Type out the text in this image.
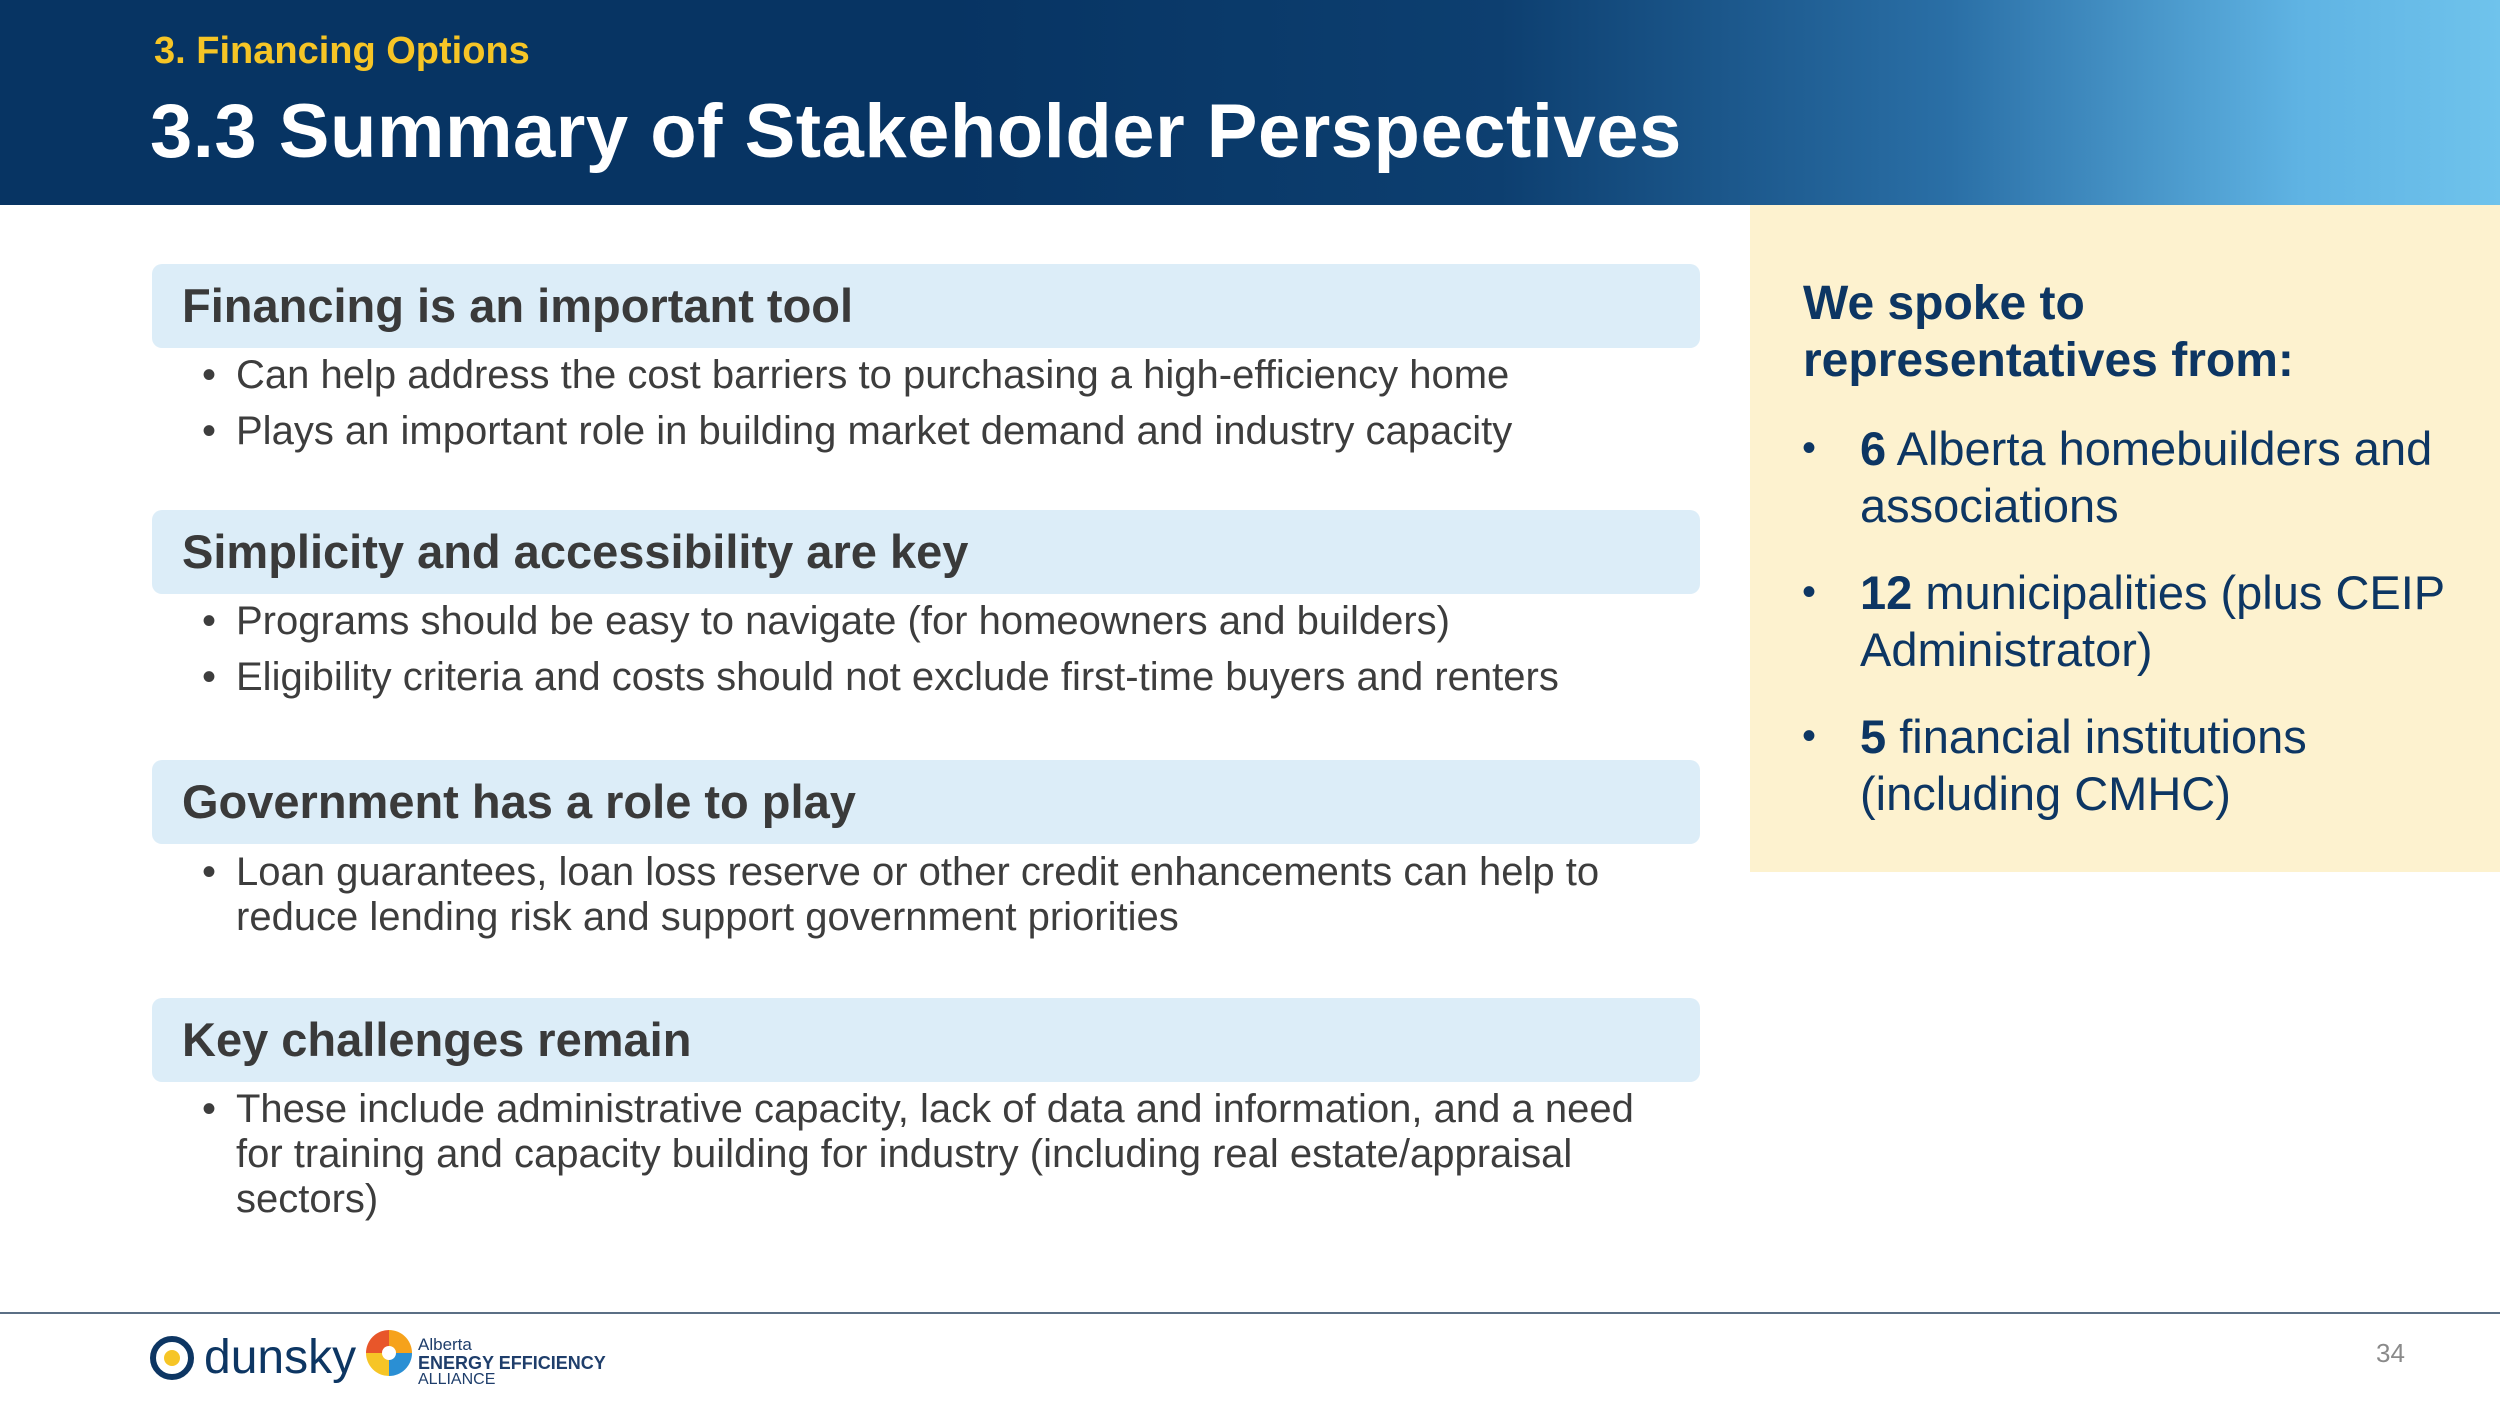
3. Financing Options
3.3 Summary of Stakeholder Perspectives
Financing is an important tool
• Can help address the cost barriers to purchasing a high-efficiency home
• Plays an important role in building market demand and industry capacity
Simplicity and accessibility are key
• Programs should be easy to navigate (for homeowners and builders)
• Eligibility criteria and costs should not exclude first-time buyers and renters
Government has a role to play
• Loan guarantees, loan loss reserve or other credit enhancements can help to reduce lending risk and support government priorities
Key challenges remain
• These include administrative capacity, lack of data and information, and a need for training and capacity building for industry (including real estate/appraisal sectors)
We spoke to representatives from:
• 6 Alberta homebuilders and associations
• 12 municipalities (plus CEIP Administrator)
• 5 financial institutions (including CMHC)
dunsky	Alberta
ENERGY EFFICIENCY
ALLIANCE
34
